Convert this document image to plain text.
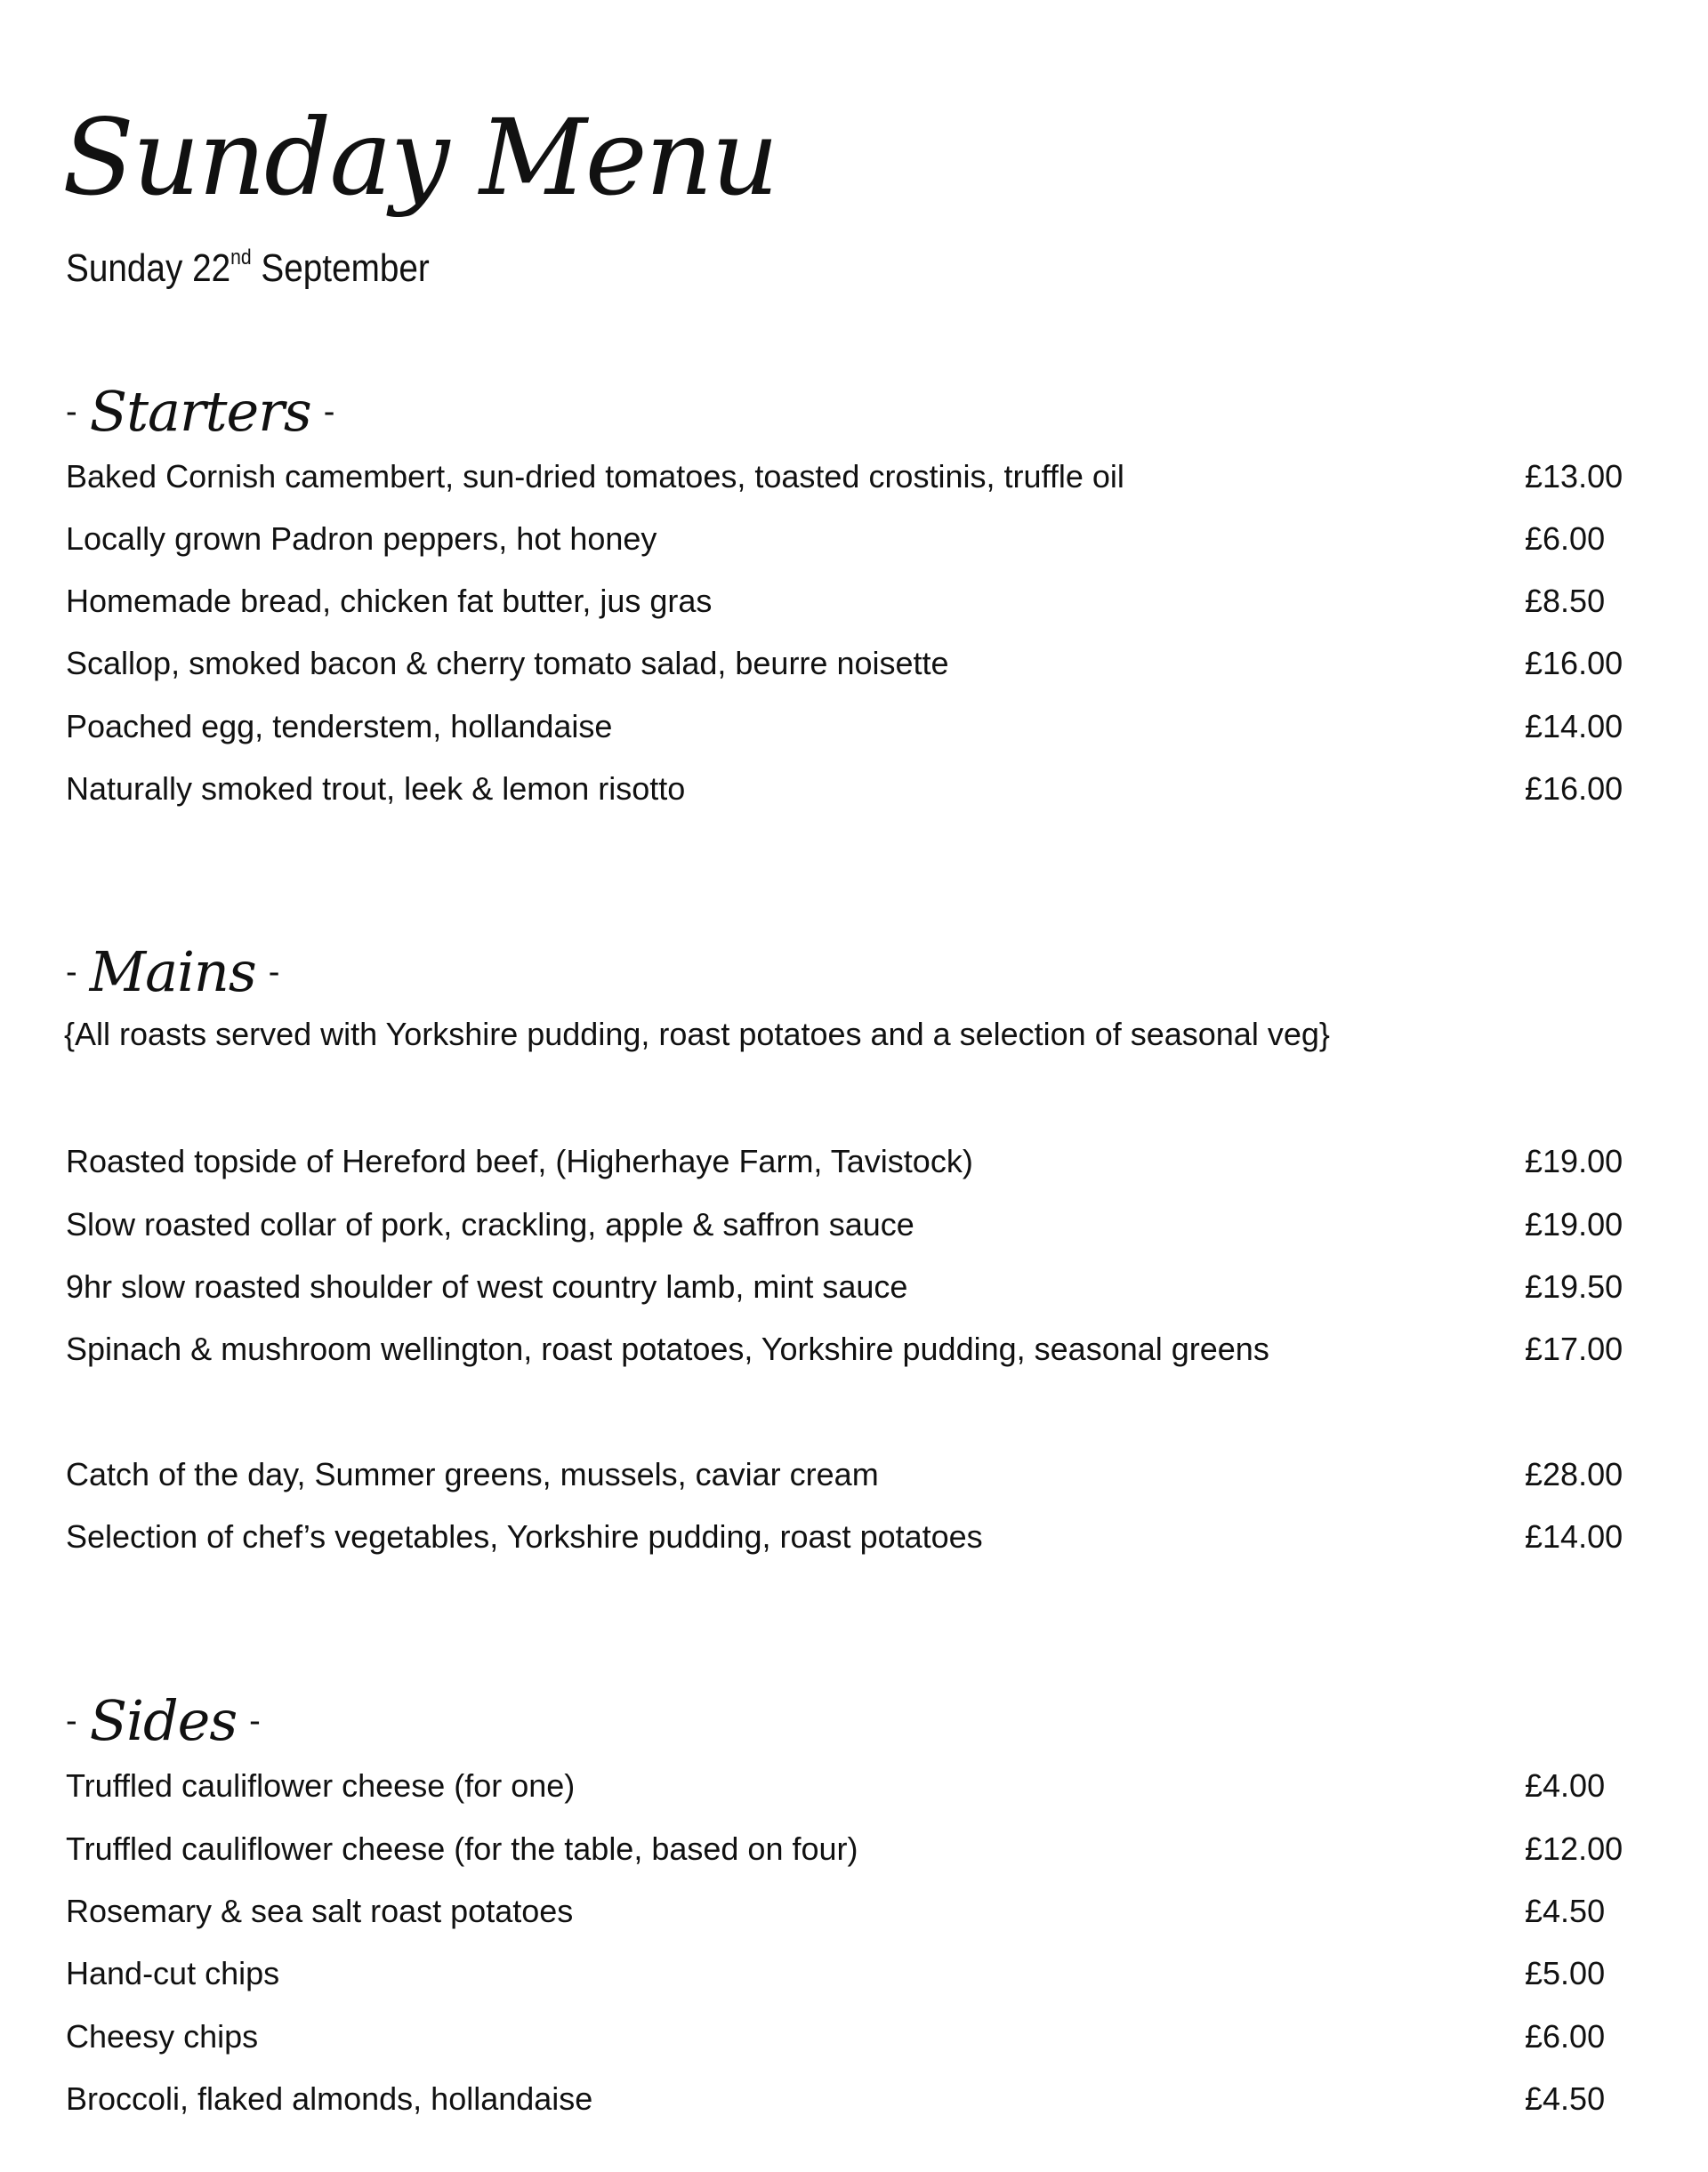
Sunday Menu
Sunday 22nd September
- Starters -
Baked Cornish camembert, sun-dried tomatoes, toasted crostinis, truffle oil	£13.00
Locally grown Padron peppers, hot honey	£6.00
Homemade bread, chicken fat butter, jus gras	£8.50
Scallop, smoked bacon & cherry tomato salad, beurre noisette	£16.00
Poached egg, tenderstem, hollandaise	£14.00
Naturally smoked trout, leek & lemon risotto	£16.00
- Mains -
{All roasts served with Yorkshire pudding, roast potatoes and a selection of seasonal veg}
Roasted topside of Hereford beef, (Higherhaye Farm, Tavistock)	£19.00
Slow roasted collar of pork, crackling, apple & saffron sauce	£19.00
9hr slow roasted shoulder of west country lamb, mint sauce	£19.50
Spinach & mushroom wellington, roast potatoes, Yorkshire pudding, seasonal greens	£17.00
Catch of the day, Summer greens, mussels, caviar cream	£28.00
Selection of chef’s vegetables, Yorkshire pudding, roast potatoes	£14.00
- Sides -
Truffled cauliflower cheese (for one)	£4.00
Truffled cauliflower cheese (for the table, based on four)	£12.00
Rosemary & sea salt roast potatoes	£4.50
Hand-cut chips	£5.00
Cheesy chips	£6.00
Broccoli, flaked almonds, hollandaise	£4.50
